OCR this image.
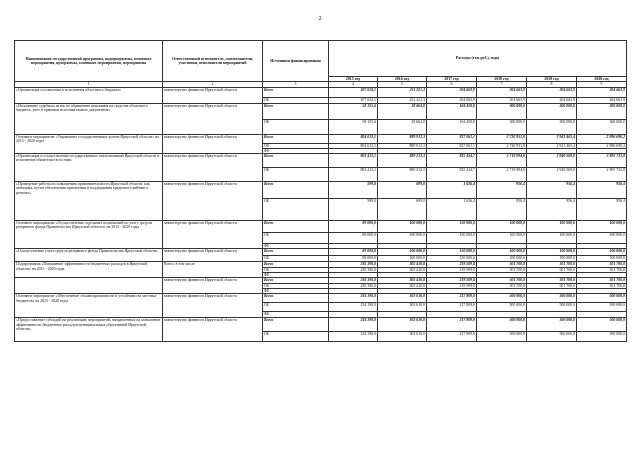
2
Наименование государственной программы, подпрограммы, основного мероприятия, программы, основного мероприятия, мероприятия	Ответственный исполнитель, соисполнители, участники, исполнители мероприятий	Источники финансирования	Расходы (тыс.руб.), годы					
			2015 год	2016 год	2017 год	2018 год	2019 год	2020 год
1	2	3	4	5	6	7	8	9
«Организация составления и исполнения областного бюджета»	министерство финансов Иркутской области	Всего	207 024,1	211 221,3	204 663,9	204 663,9	204 663,9	204 663,9
		ОБ	207 024,1	211 221,3	204 663,9	204 663,9	204 663,9	204 663,9
«Исполнение судебных актов по обращению взыскания на средства областного бюджета, учет и хранение исполнительных документов»	министерство финансов Иркутской области	Всего	58 155,6	28 664,0	164 450,0	300 000,0	300 000,0	300 000,0
		ОБ	58 155,6	28 664,0	164 450,0	300 000,0	300 000,0	300 000,0
Основное мероприятие «Управление государственным долгом Иркутской области» на 2015 - 2020 годы	министерство финансов Иркутской области	Всего	804 012,1	889 912,3	827 061,1	2 720 951,0	2 941 465,4	2 896 690,2
		ОБ	804 012,1	889 912,3	827 061,1	2 720 951,0	2 941 465,4	2 896 690,2
		ФБ						
«Организация и осуществление государственных заимствований Иркутской области и исполнение обязательств по ним»	министерство финансов Иркутской области	Всего	803 413,1	889 213,3	825 434,7	2 719 994,6	2 940 509,0	2 895 733,8
		ОБ	803 413,1	889 213,3	825 434,7	2 719 994,6	2 940 509,0	2 895 733,8
«Проведение работы по повышению привлекательности Иркутской области, как заемщика, путем обеспечения присвоения и поддержания кредитного рейтинга региона»	министерство финансов Иркутской области	Всего	599,0	699,0	1 626,4	956,4	956,4	956,4
		ОБ	599,0	699,0	1 626,4	956,4	956,4	956,4
Основное мероприятие «Осуществление отдельных полномочий по учету средств резервного фонда Правительства Иркутской области» на 2015 - 2020 годы	министерство финансов Иркутской области	Всего	89 000,0	100 000,0	150 000,0	100 000,0	100 000,0	100 000,0
		ОБ	89 000,0	100 000,0	150 000,0	100 000,0	100 000,0	100 000,0
		ФБ						
«Осуществление учета средств резервного фонда Правительства Иркутской области»	министерство финансов Иркутской области	Всего	89 000,0	100 000,0	150 000,0	100 000,0	100 000,0	100 000,0
		ОБ	89 000,0	100 000,0	150 000,0	100 000,0	100 000,0	100 000,0
Подпрограмма «Повышение эффективности бюджетных расходов в Иркутской области» на 2015 - 2020 годы	Всего, в том числе	Всего	236 190,0	305 410,0	219 509,0	501 700,0	501 700,0	501 700,0
		ОБ	236 190,0	305 410,0	219 509,0	501 700,0	501 700,0	501 700,0
		ФБ						
	министерство финансов Иркутской области	Всего	236 190,0	305 410,0	219 509,0	501 700,0	501 700,0	501 700,0
		ОБ	236 190,0	305 410,0	219 509,0	501 700,0	501 700,0	501 700,0
		ФБ						
Основное мероприятие «Обеспечение сбалансированности и устойчивости местных бюджетов» на 2015 - 2020 годы	министерство финансов Иркутской области	Всего	234 190,0	303 610,0	217 809,0	500 000,0	500 000,0	500 000,0
		ОБ	234 190,0	303 610,0	217 809,0	500 000,0	500 000,0	500 000,0
		ФБ						
«Предоставление субсидий на реализацию мероприятий, направленных на повышение эффективности бюджетных расходов муниципальных образований Иркутской области»	министерство финансов Иркутской области	Всего	234 190,0	303 610,0	217 809,0	500 000,0	500 000,0	500 000,0
		ОБ	234 190,0	303 610,0	217 809,0	500 000,0	500 000,0	500 000,0
